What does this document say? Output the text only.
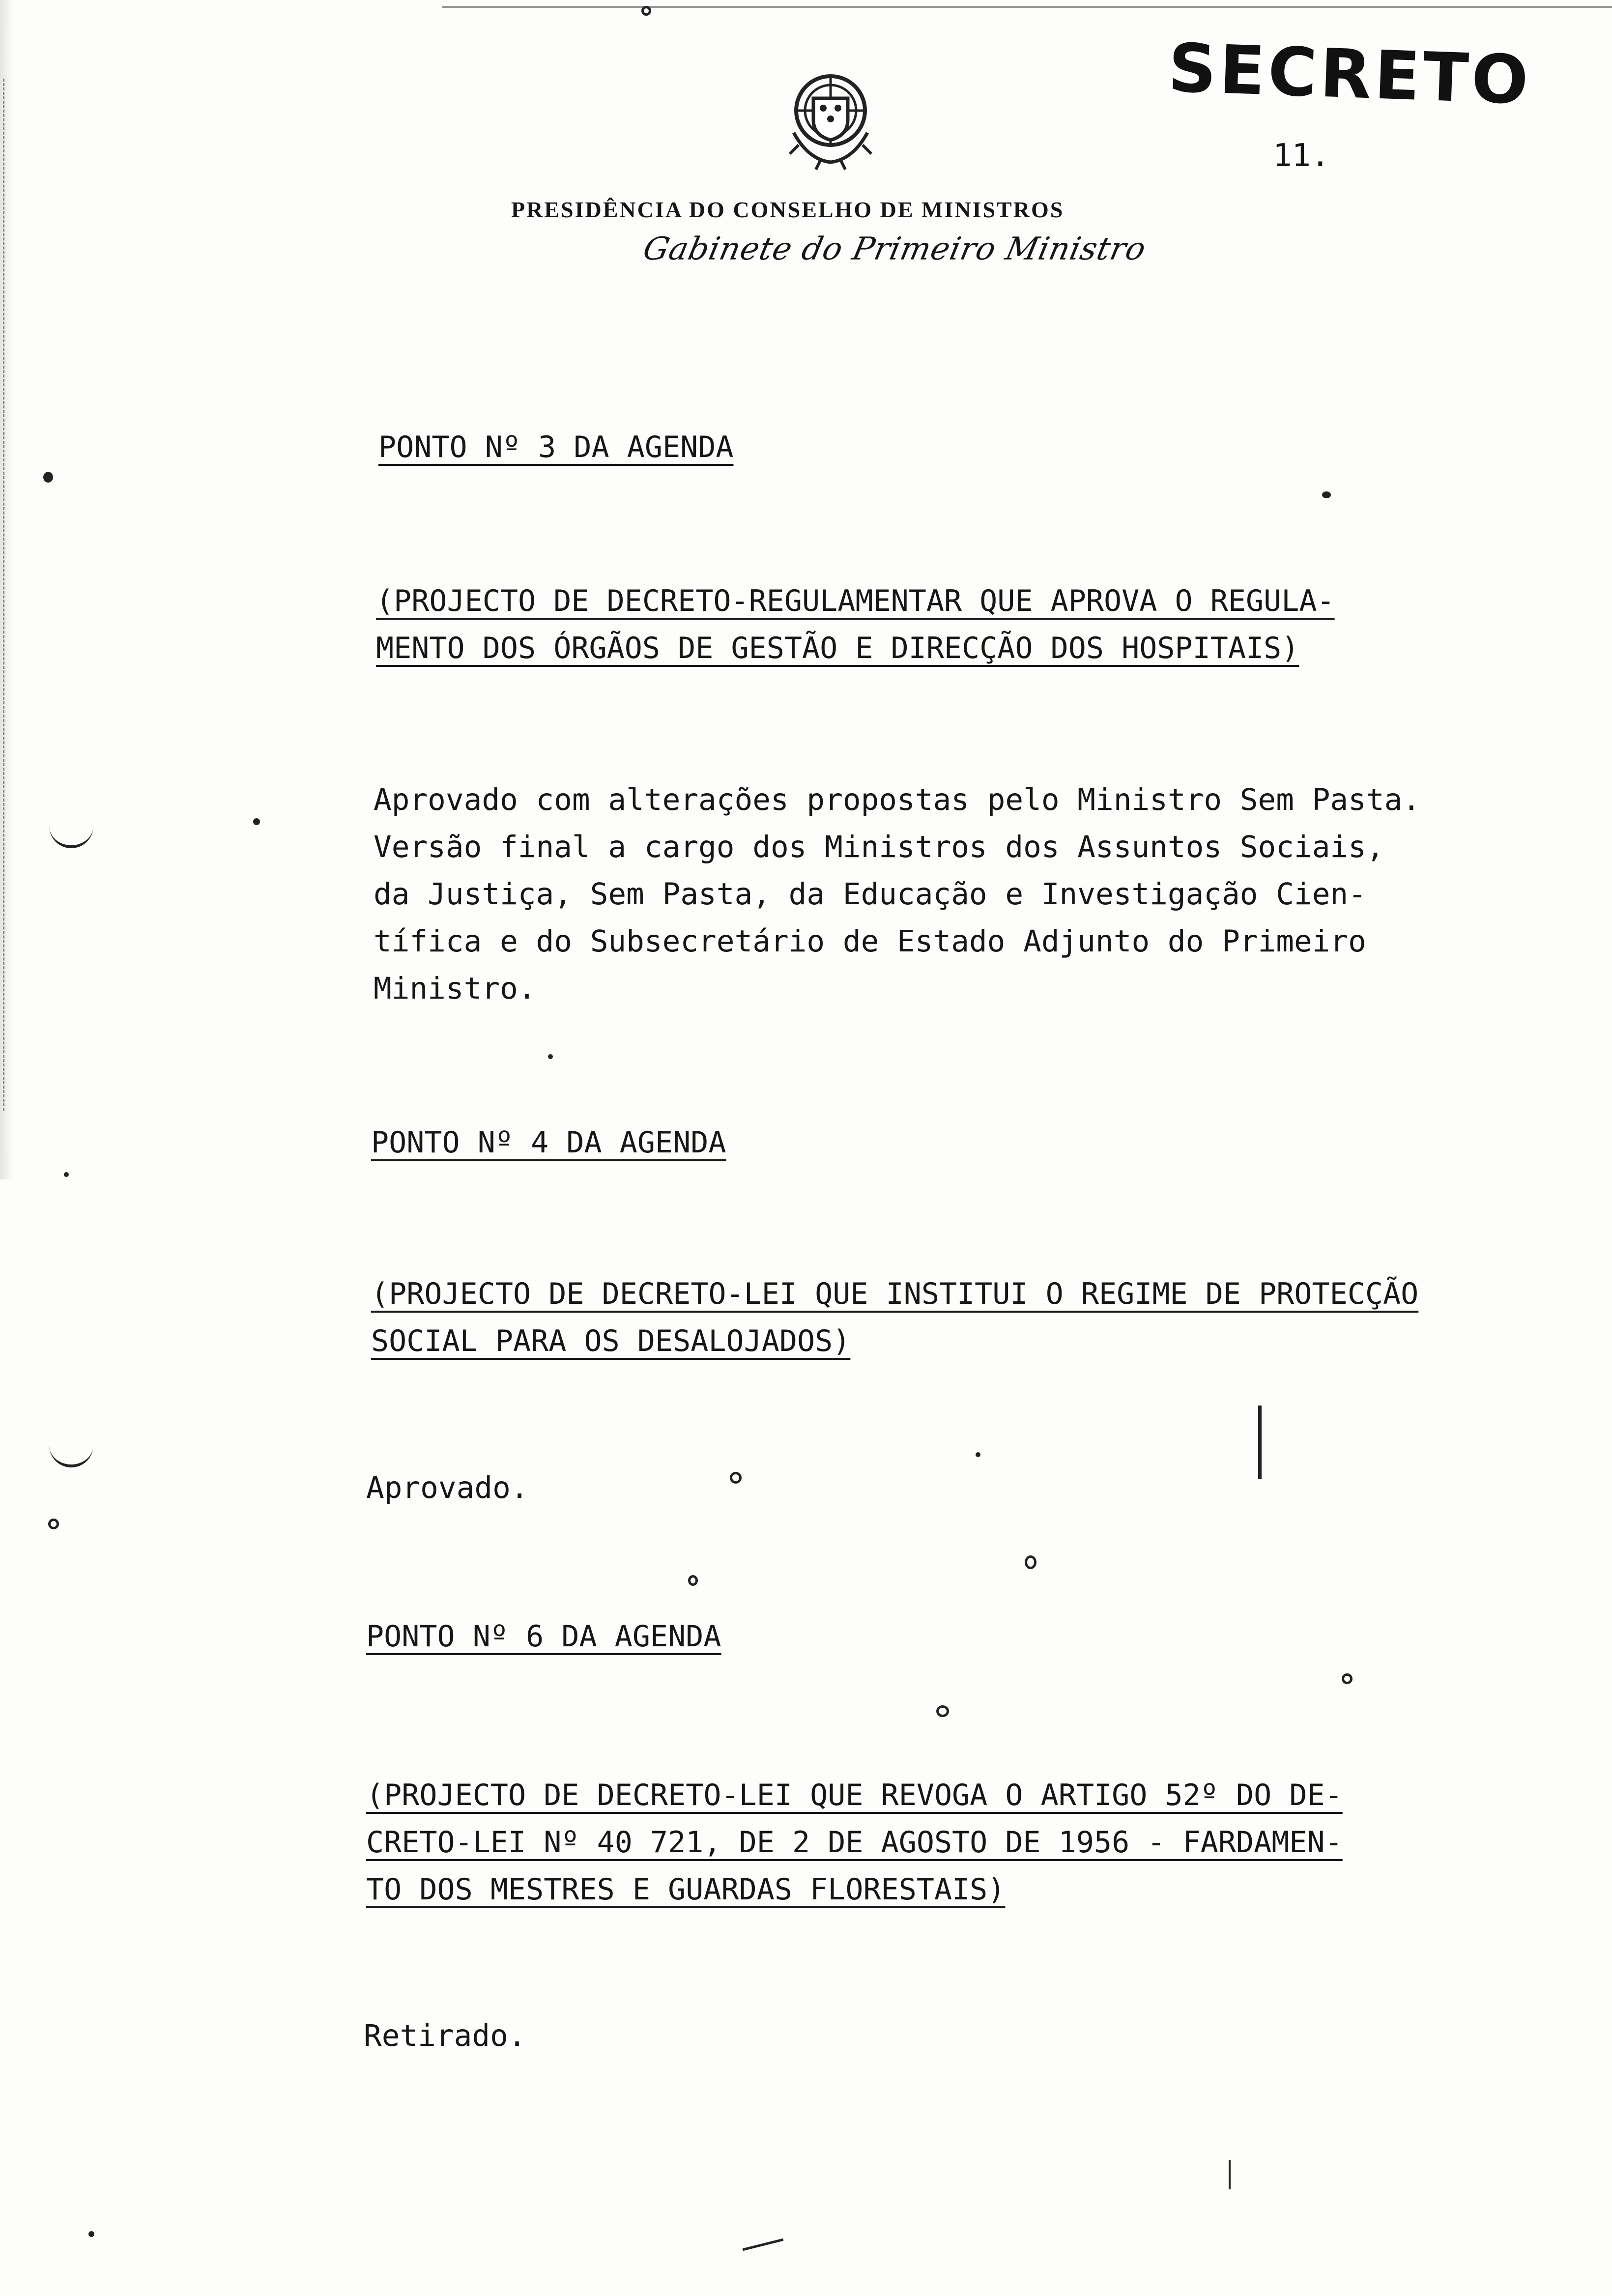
SECRETO
11.
PRESIDÊNCIA DO CONSELHO DE MINISTROS
Gabinete do Primeiro Ministro
PONTO Nº 3 DA AGENDA
(PROJECTO DE DECRETO-REGULAMENTAR QUE APROVA O REGULA-
MENTO DOS ÓRGÃOS DE GESTÃO E DIRECÇÃO DOS HOSPITAIS)
Aprovado com alterações propostas pelo Ministro Sem Pasta.
Versão final a cargo dos Ministros dos Assuntos Sociais,
da Justiça, Sem Pasta, da Educação e Investigação Cien-
tífica e do Subsecretário de Estado Adjunto do Primeiro
Ministro.
PONTO Nº 4 DA AGENDA
(PROJECTO DE DECRETO-LEI QUE INSTITUI O REGIME DE PROTECÇÃO
SOCIAL PARA OS DESALOJADOS)
Aprovado.
PONTO Nº 6 DA AGENDA
(PROJECTO DE DECRETO-LEI QUE REVOGA O ARTIGO 52º DO DE-
CRETO-LEI Nº 40 721, DE 2 DE AGOSTO DE 1956 - FARDAMEN-
TO DOS MESTRES E GUARDAS FLORESTAIS)
Retirado.
